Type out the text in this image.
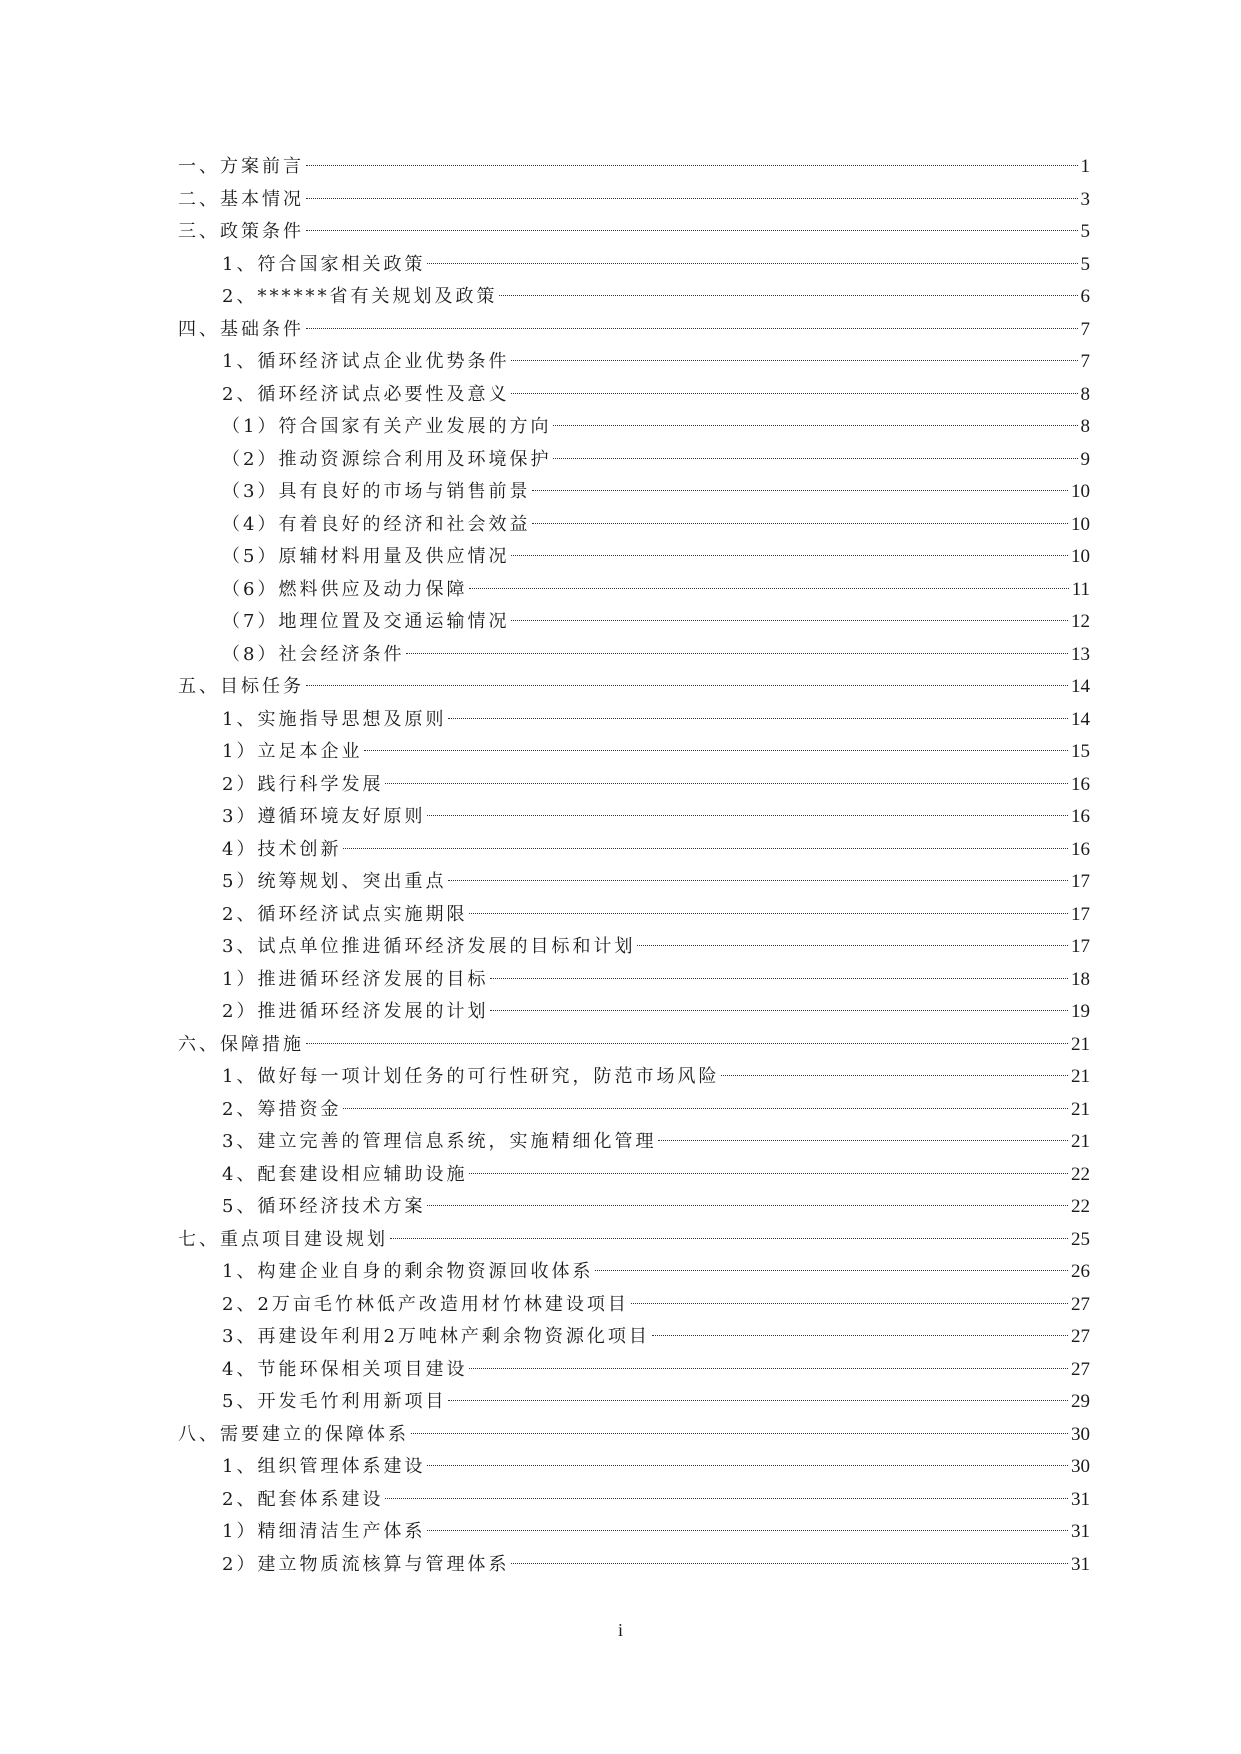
一、方案前言	1
二、基本情况	3
三、政策条件	5
1、符合国家相关政策	5
2、******省有关规划及政策	6
四、基础条件	7
1、循环经济试点企业优势条件	7
2、循环经济试点必要性及意义	8
（1）符合国家有关产业发展的方向	8
（2）推动资源综合利用及环境保护	9
（3）具有良好的市场与销售前景	10
（4）有着良好的经济和社会效益	10
（5）原辅材料用量及供应情况	10
（6）燃料供应及动力保障	11
（7）地理位置及交通运输情况	12
（8）社会经济条件	13
五、目标任务	14
1、实施指导思想及原则	14
1）立足本企业	15
2）践行科学发展	16
3）遵循环境友好原则	16
4）技术创新	16
5）统筹规划、突出重点	17
2、循环经济试点实施期限	17
3、试点单位推进循环经济发展的目标和计划	17
1）推进循环经济发展的目标	18
2）推进循环经济发展的计划	19
六、保障措施	21
1、做好每一项计划任务的可行性研究，防范市场风险	21
2、筹措资金	21
3、建立完善的管理信息系统，实施精细化管理	21
4、配套建设相应辅助设施	22
5、循环经济技术方案	22
七、重点项目建设规划	25
1、构建企业自身的剩余物资源回收体系	26
2、2万亩毛竹林低产改造用材竹林建设项目	27
3、再建设年利用2万吨林产剩余物资源化项目	27
4、节能环保相关项目建设	27
5、开发毛竹利用新项目	29
八、需要建立的保障体系	30
1、组织管理体系建设	30
2、配套体系建设	31
1）精细清洁生产体系	31
2）建立物质流核算与管理体系	31
i
